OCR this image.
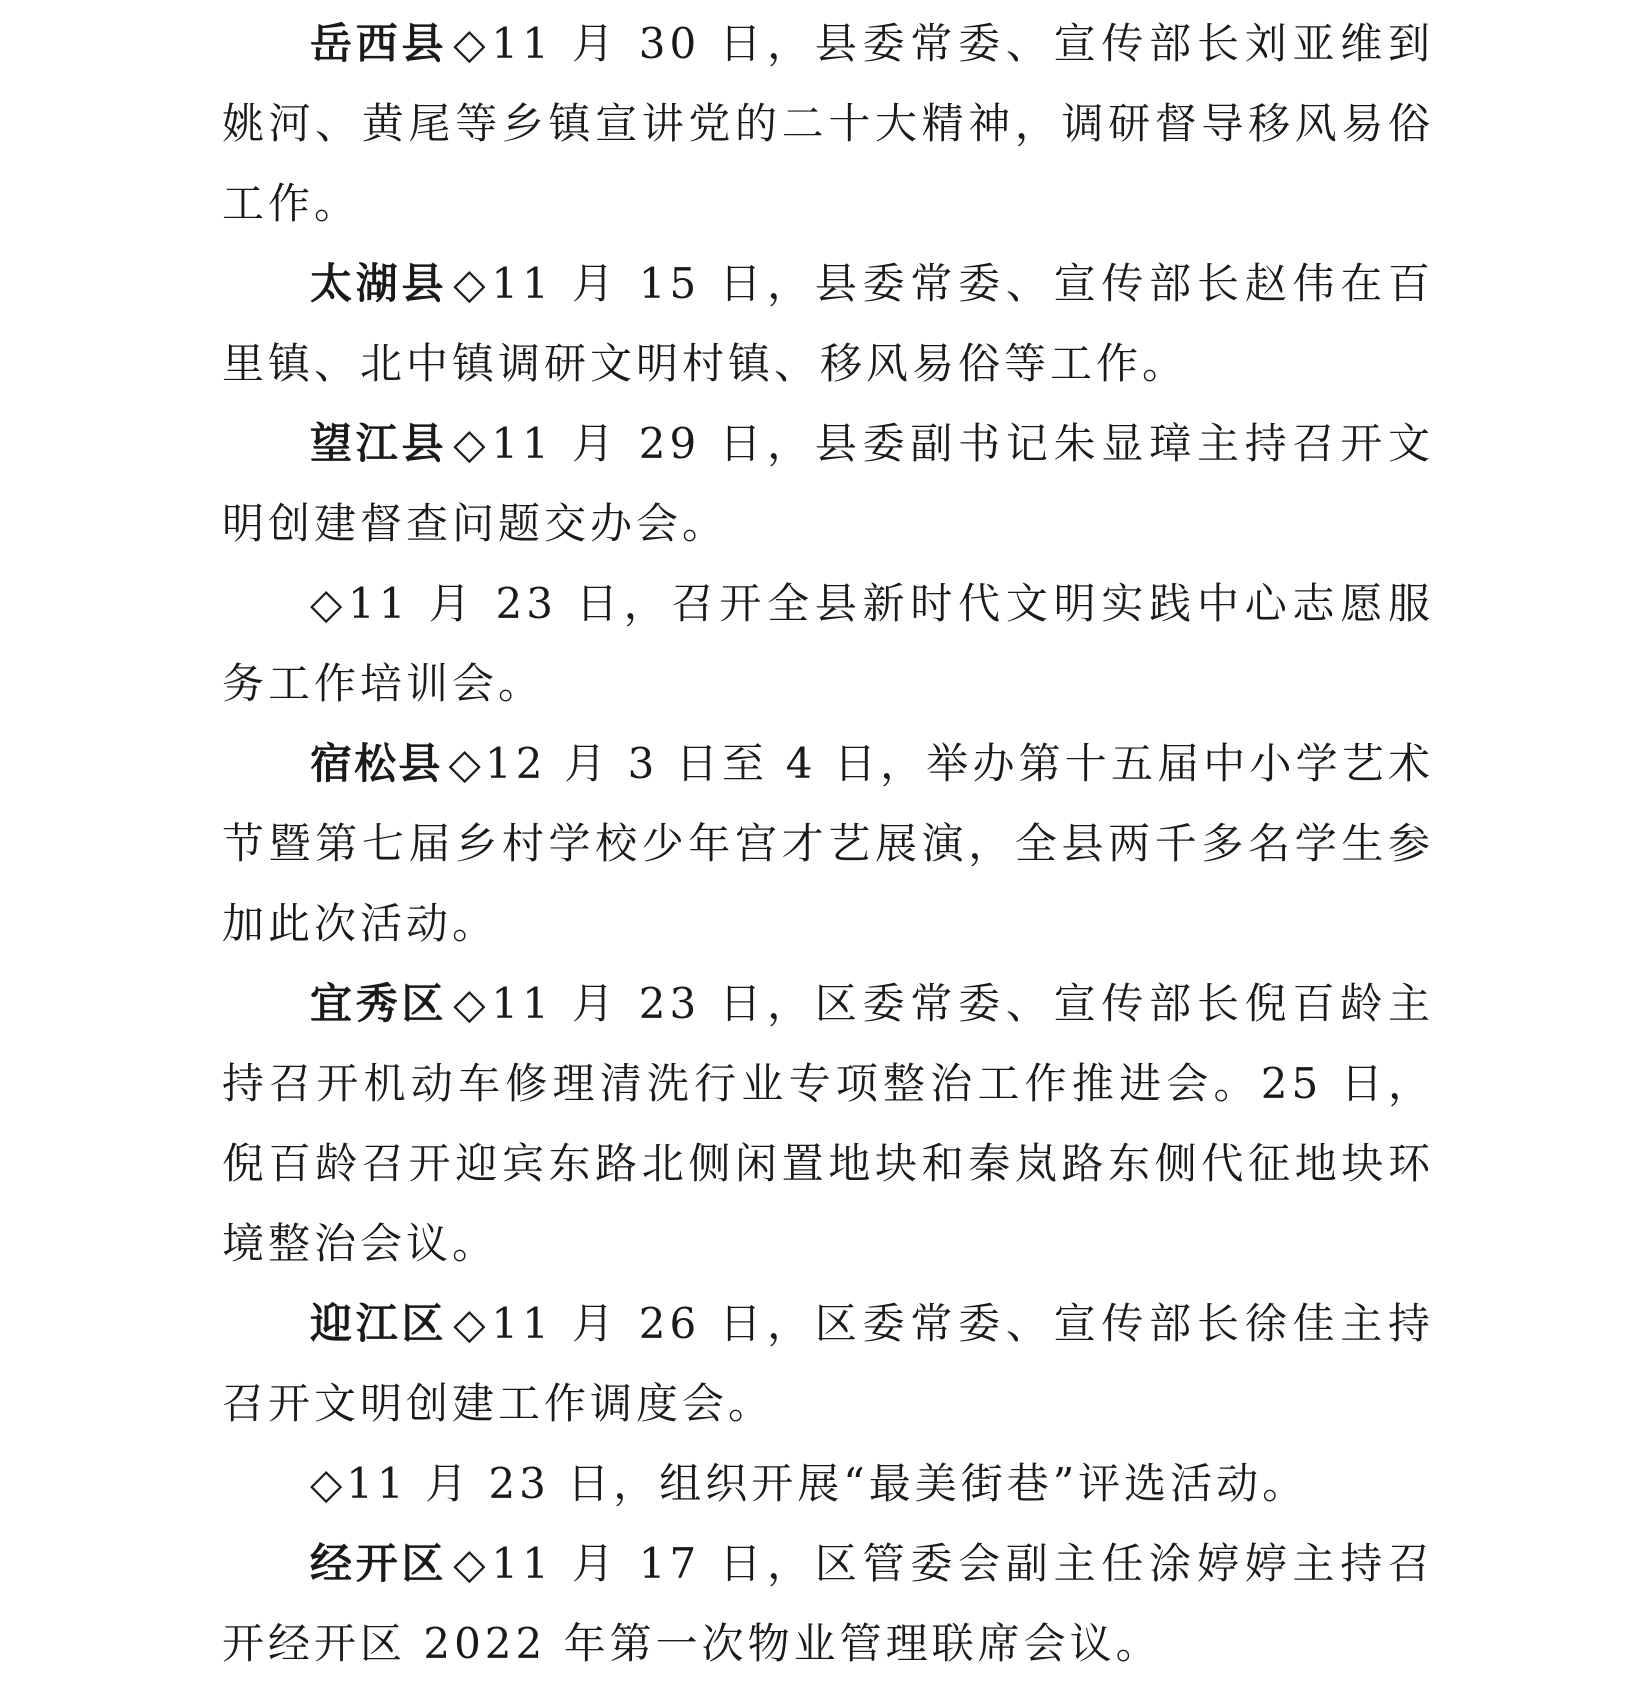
岳西县 ◇11 月 30 日，县委常委、宣传部长刘亚维到姚河、黄尾等乡镇宣讲党的二十大精神，调研督导移风易俗工作。

太湖县 ◇11 月 15 日，县委常委、宣传部长赵伟在百里镇、北中镇调研文明村镇、移风易俗等工作。

望江县 ◇11 月 29 日，县委副书记朱显璋主持召开文明创建督查问题交办会。

◇11 月 23 日，召开全县新时代文明实践中心志愿服务工作培训会。

宿松县 ◇12 月 3 日至 4 日，举办第十五届中小学艺术节暨第七届乡村学校少年宫才艺展演，全县两千多名学生参加此次活动。

宜秀区 ◇11 月 23 日，区委常委、宣传部长倪百龄主持召开机动车修理清洗行业专项整治工作推进会。25 日，倪百龄召开迎宾东路北侧闲置地块和秦岚路东侧代征地块环境整治会议。

迎江区 ◇11 月 26 日，区委常委、宣传部长徐佳主持召开文明创建工作调度会。

◇11 月 23 日，组织开展“最美街巷”评选活动。

经开区 ◇11 月 17 日，区管委会副主任涂婷婷主持召开经开区 2022 年第一次物业管理联席会议。
